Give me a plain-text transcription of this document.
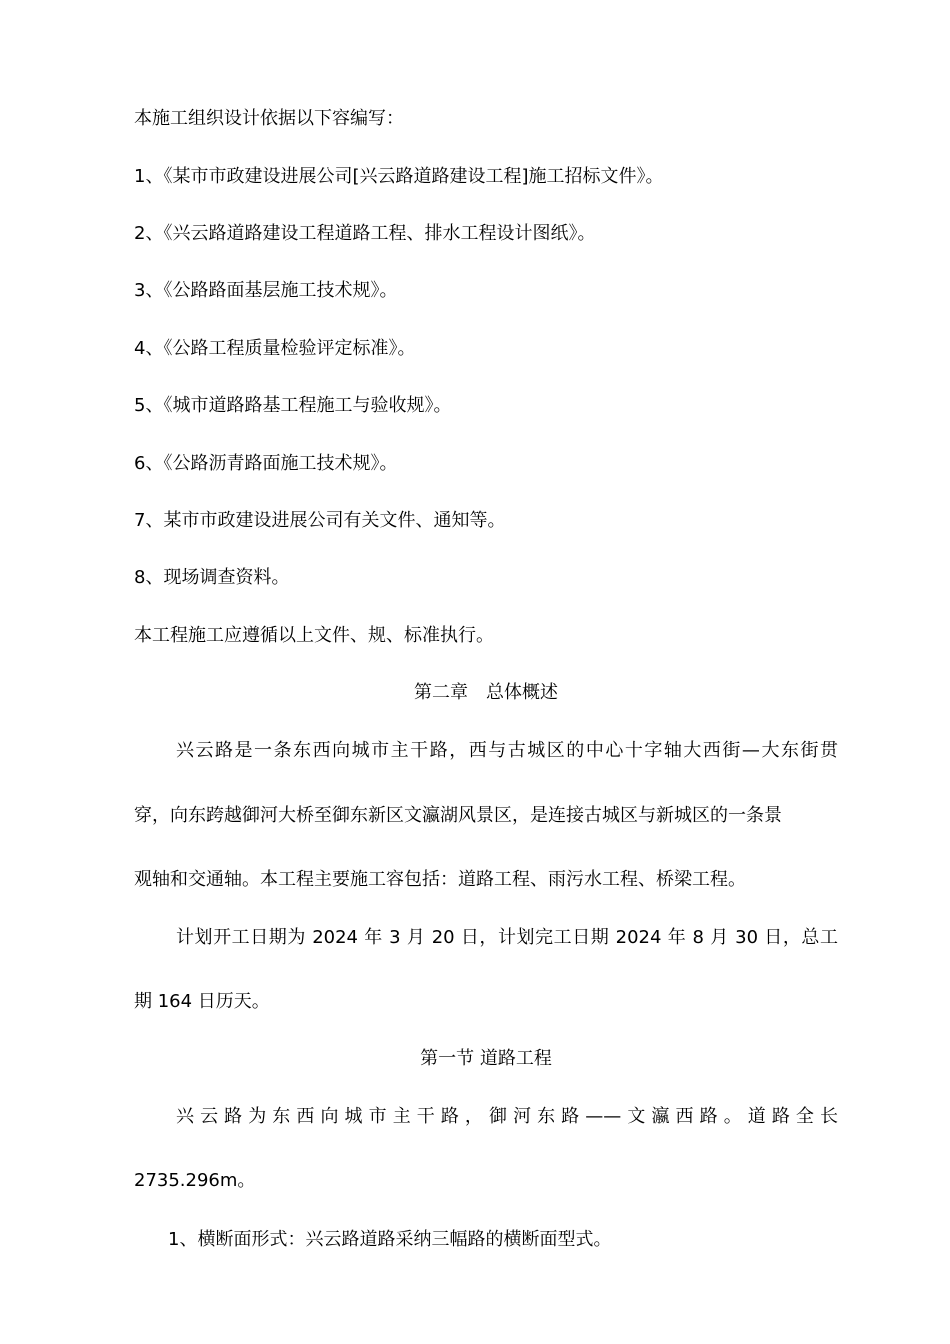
本施工组织设计依据以下容编写：
1、《某市市政建设进展公司[兴云路道路建设工程]施工招标文件》。
2、《兴云路道路建设工程道路工程、排水工程设计图纸》。
3、《公路路面基层施工技术规》。
4、《公路工程质量检验评定标准》。
5、《城市道路路基工程施工与验收规》。
6、《公路沥青路面施工技术规》。
7、某市市政建设进展公司有关文件、通知等。
8、现场调查资料。
本工程施工应遵循以上文件、规、标准执行。
第二章　总体概述
兴云路是一条东西向城市主干路，西与古城区的中心十字轴大西街—大东街贯
穿，向东跨越御河大桥至御东新区文瀛湖风景区，是连接古城区与新城区的一条景
观轴和交通轴。本工程主要施工容包括：道路工程、雨污水工程、桥梁工程。
计划开工日期为 2024 年 3 月 20 日，计划完工日期 2024 年 8 月 30 日，总工
期 164 日历天。
第一节 道路工程
兴云路为东西向城市主干路，御河东路——文瀛西路。道路全长
2735.296m。
1、横断面形式：兴云路道路采纳三幅路的横断面型式。
